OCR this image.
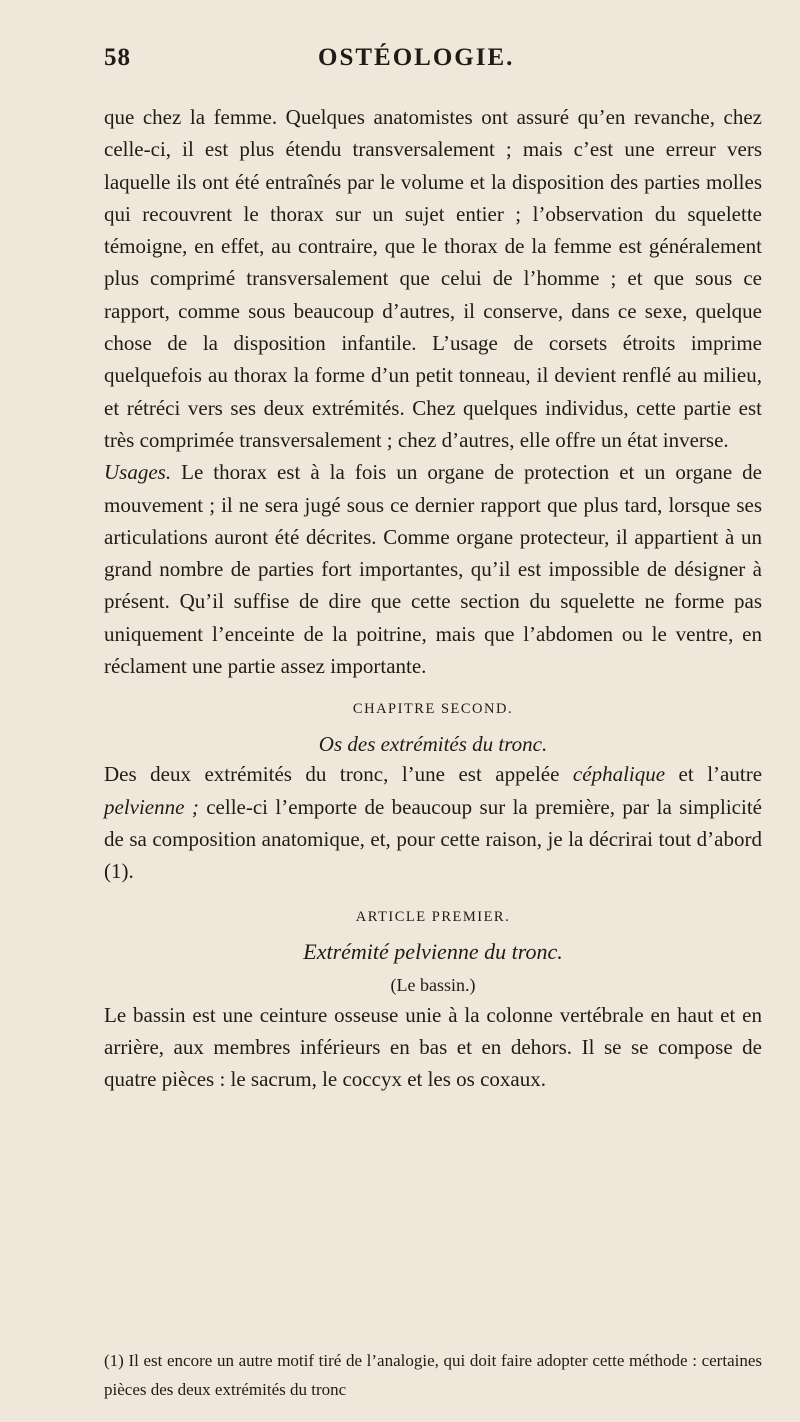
58	OSTÉOLOGIE.

que chez la femme. Quelques anatomistes ont assuré qu’en revanche, chez celle-ci, il est plus étendu transversalement ; mais c’est une erreur vers laquelle ils ont été entraînés par le volume et la disposition des parties molles qui recouvrent le thorax sur un sujet entier ; l’observation du squelette témoigne, en effet, au contraire, que le thorax de la femme est généralement plus comprimé transversalement que celui de l’homme ; et que sous ce rapport, comme sous beaucoup d’autres, il conserve, dans ce sexe, quelque chose de la disposition infantile. L’usage de corsets étroits imprime quelquefois au thorax la forme d’un petit tonneau, il devient renflé au milieu, et rétréci vers ses deux extrémités. Chez quelques individus, cette partie est très comprimée transversalement ; chez d’autres, elle offre un état inverse.

Usages. Le thorax est à la fois un organe de protection et un organe de mouvement ; il ne sera jugé sous ce dernier rapport que plus tard, lorsque ses articulations auront été décrites. Comme organe protecteur, il appartient à un grand nombre de parties fort importantes, qu’il est impossible de désigner à présent. Qu’il suffise de dire que cette section du squelette ne forme pas uniquement l’enceinte de la poitrine, mais que l’abdomen ou le ventre, en réclament une partie assez importante.

CHAPITRE SECOND.

Os des extrémités du tronc.

Des deux extrémités du tronc, l’une est appelée céphalique et l’autre pelvienne ; celle-ci l’emporte de beaucoup sur la première, par la simplicité de sa composition anatomique, et, pour cette raison, je la décrirai tout d’abord (1).

ARTICLE PREMIER.

Extrémité pelvienne du tronc.

(Le bassin.)

Le bassin est une ceinture osseuse unie à la colonne vertébrale en haut et en arrière, aux membres inférieurs en bas et en dehors. Il se se compose de quatre pièces : le sacrum, le coccyx et les os coxaux.

(1) Il est encore un autre motif tiré de l’analogie, qui doit faire adopter cette méthode : certaines pièces des deux extrémités du tronc
